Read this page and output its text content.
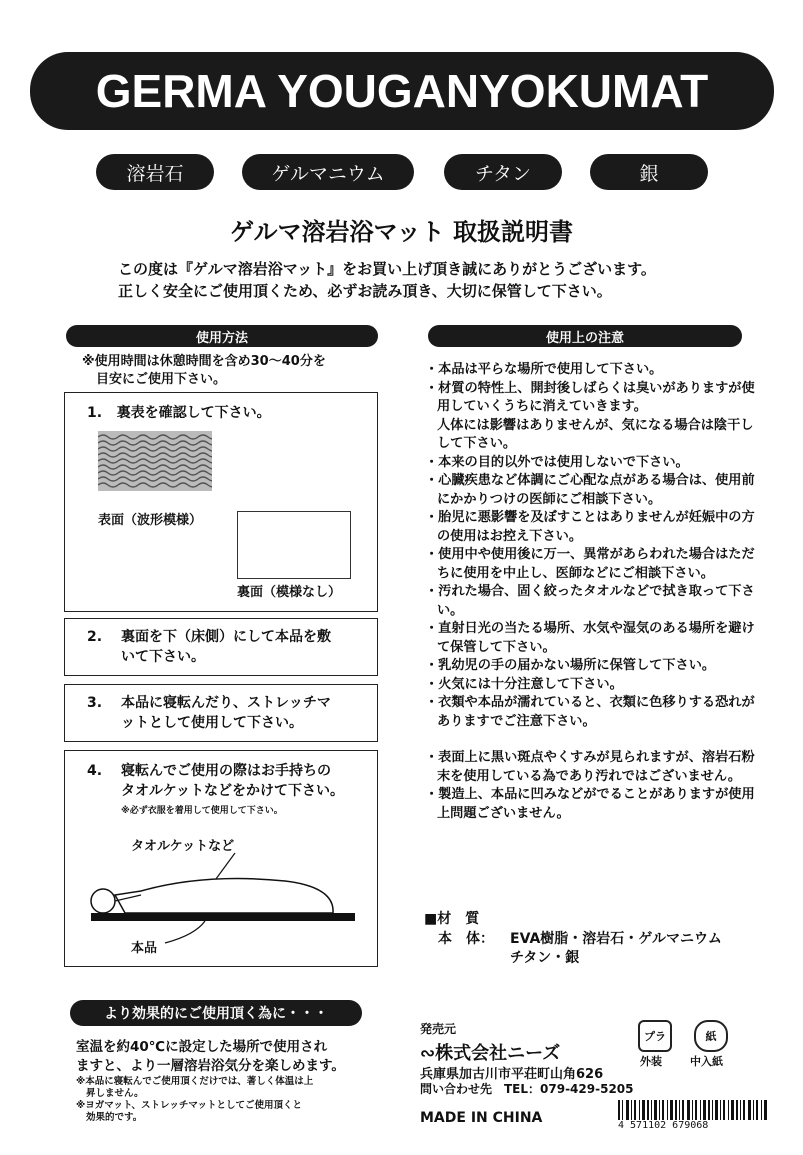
GERMA YOUGANYOKUMAT
溶岩石	ゲルマニウム	チタン	銀
ゲルマ溶岩浴マット 取扱説明書
この度は『ゲルマ溶岩浴マット』をお買い上げ頂き誠にありがとうございます。
正しく安全にご使用頂くため、必ずお読み頂き、大切に保管して下さい。
使用方法
※使用時間は休憩時間を含め30～40分を
目安にご使用下さい。
1. 裏表を確認して下さい。
表面（波形模様）
裏面（模様なし）
2. 裏面を下（床側）にして本品を敷
いて下さい。
3. 本品に寝転んだり、ストレッチマ
ットとして使用して下さい。
4. 寝転んでご使用の際はお手持ちの
タオルケットなどをかけて下さい。
※必ず衣服を着用して使用して下さい。
タオルケットなど
本品
使用上の注意
・本品は平らな場所で使用して下さい。
・材質の特性上、開封後しばらくは臭いがありますが使用していくうちに消えていきます。
人体には影響はありませんが、気になる場合は陰干しして下さい。
・本来の目的以外では使用しないで下さい。
・心臓疾患など体調にご心配な点がある場合は、使用前にかかりつけの医師にご相談下さい。
・胎児に悪影響を及ぼすことはありませんが妊娠中の方の使用はお控え下さい。
・使用中や使用後に万一、異常があらわれた場合はただちに使用を中止し、医師などにご相談下さい。
・汚れた場合、固く絞ったタオルなどで拭き取って下さい。
・直射日光の当たる場所、水気や湿気のある場所を避けて保管して下さい。
・乳幼児の手の届かない場所に保管して下さい。
・火気には十分注意して下さい。
・衣類や本品が濡れていると、衣類に色移りする恐れがありますでご注意下さい。
・表面上に黒い斑点やくすみが見られますが、溶岩石粉末を使用している為であり汚れではございません。
・製造上、本品に凹みなどがでることがありますが使用上問題ございません。
■材　質
本　体： EVA樹脂・溶岩石・ゲルマニウム
チタン・銀
より効果的にご使用頂く為に・・・
室温を約40℃に設定した場所で使用され
ますと、より一層溶岩浴気分を楽しめます。
※本品に寝転んでご使用頂くだけでは、著しく体温は上
昇しません。
※ヨガマット、ストレッチマットとしてご使用頂くと
効果的です。
発売元
∾株式会社ニーズ
兵庫県加古川市平荘町山角626
問い合わせ先　TEL：079-429-5205
MADE IN CHINA
プラ
外装
紙
中入紙
4 571102 679068
